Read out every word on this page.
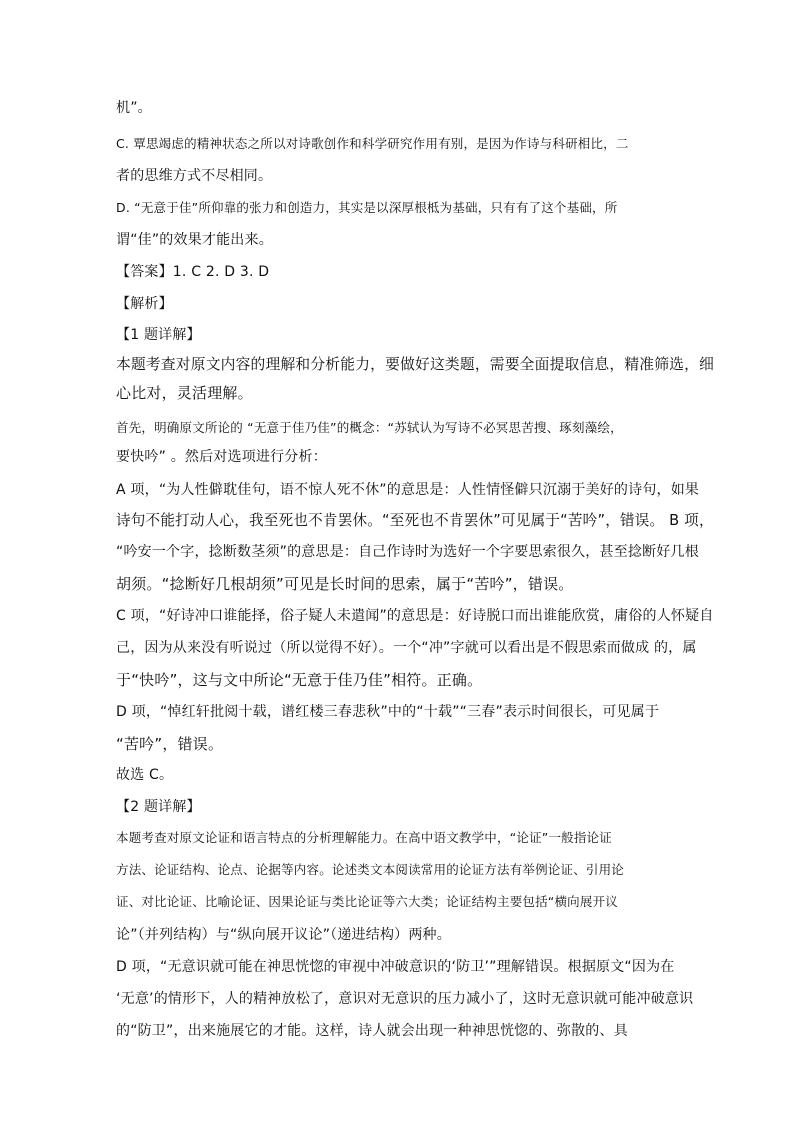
机”。
C. 覃思竭虑的精神状态之所以对诗歌创作和科学研究作用有别，是因为作诗与科研相比，二
者的思维方式不尽相同。
D. “无意于佳”所仰靠的张力和创造力，其实是以深厚根柢为基础，只有有了这个基础，所
谓“佳”的效果才能出来。
【答案】1. C 2. D 3. D
【解析】
【1 题详解】
本题考查对原文内容的理解和分析能力，要做好这类题，需要全面提取信息，精准筛选，细
心比对，灵活理解。
首先，明确原文所论的 “无意于佳乃佳”的概念：“苏轼认为写诗不必冥思苦搜、琢刻藻绘，
要快吟” 。然后对选项进行分析：
A 项，“为人性僻耽佳句，语不惊人死不休”的意思是：人性情怪僻只沉溺于美好的诗句，如果
诗句不能打动人心，我至死也不肯罢休。“至死也不肯罢休”可见属于“苦吟”，错误。 B 项，
“吟安一个字，捻断数茎须”的意思是：自己作诗时为选好一个字要思索很久，甚至捻断好几根
胡须。“捻断好几根胡须”可见是长时间的思索，属于“苦吟”，错误。
C 项，“好诗冲口谁能择，俗子疑人未遣闻”的意思是：好诗脱口而出谁能欣赏，庸俗的人怀疑自
己，因为从来没有听说过（所以觉得不好）。一个“冲”字就可以看出是不假思索而做成 的，属
于“快吟”，这与文中所论“无意于佳乃佳”相符。正确。
D 项，“悼红轩批阅十载，谱红楼三春悲秋”中的“十载”“三春”表示时间很长，可见属于
“苦吟”，错误。
故选 C。
【2 题详解】
本题考查对原文论证和语言特点的分析理解能力。在高中语文教学中，“论证”一般指论证
方法、论证结构、论点、论据等内容。论述类文本阅读常用的论证方法有举例论证、引用论
证、对比论证、比喻论证、因果论证与类比论证等六大类；论证结构主要包括“横向展开议
论”（并列结构）与“纵向展开议论”（递进结构）两种。
D 项，“无意识就可能在神思恍惚的审视中冲破意识的‘防卫’”理解错误。根据原文“因为在
‘无意’的情形下，人的精神放松了，意识对无意识的压力减小了，这时无意识就可能冲破意识
的“防卫”，出来施展它的才能。这样，诗人就会出现一种神思恍惚的、弥散的、具
